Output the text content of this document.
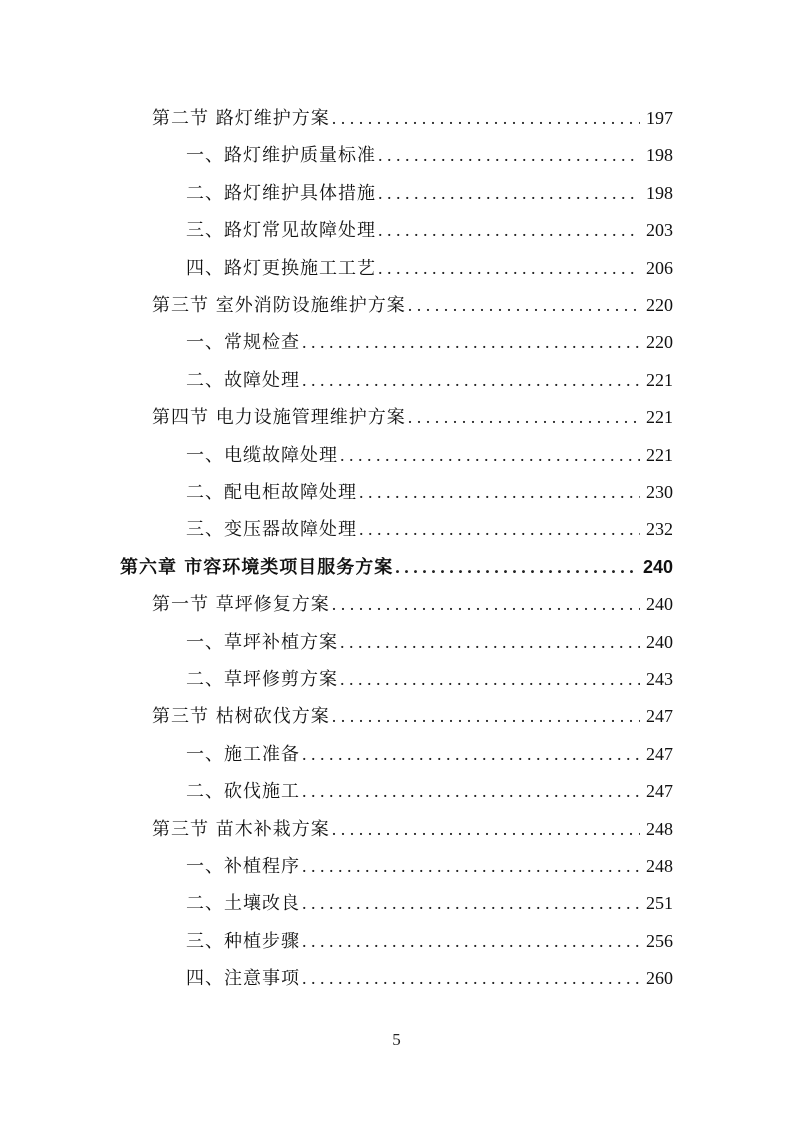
第二节 路灯维护方案 . . .	197
一、路灯维护质量标准 . . .	198
二、路灯维护具体措施 . . .	198
三、路灯常见故障处理 . . .	203
四、路灯更换施工工艺 . . .	206
第三节 室外消防设施维护方案 . . .	220
一、常规检查 . . .	220
二、故障处理 . . .	221
第四节 电力设施管理维护方案 . . .	221
一、电缆故障处理 . . .	221
二、配电柜故障处理 . . .	230
三、变压器故障处理 . . .	232
第六章 市容环境类项目服务方案 . . .	240
第一节 草坪修复方案 . . .	240
一、草坪补植方案 . . .	240
二、草坪修剪方案 . . .	243
第三节 枯树砍伐方案 . . .	247
一、施工准备 . . .	247
二、砍伐施工 . . .	247
第三节 苗木补栽方案 . . .	248
一、补植程序 . . .	248
二、土壤改良 . . .	251
三、种植步骤 . . .	256
四、注意事项 . . .	260
5
